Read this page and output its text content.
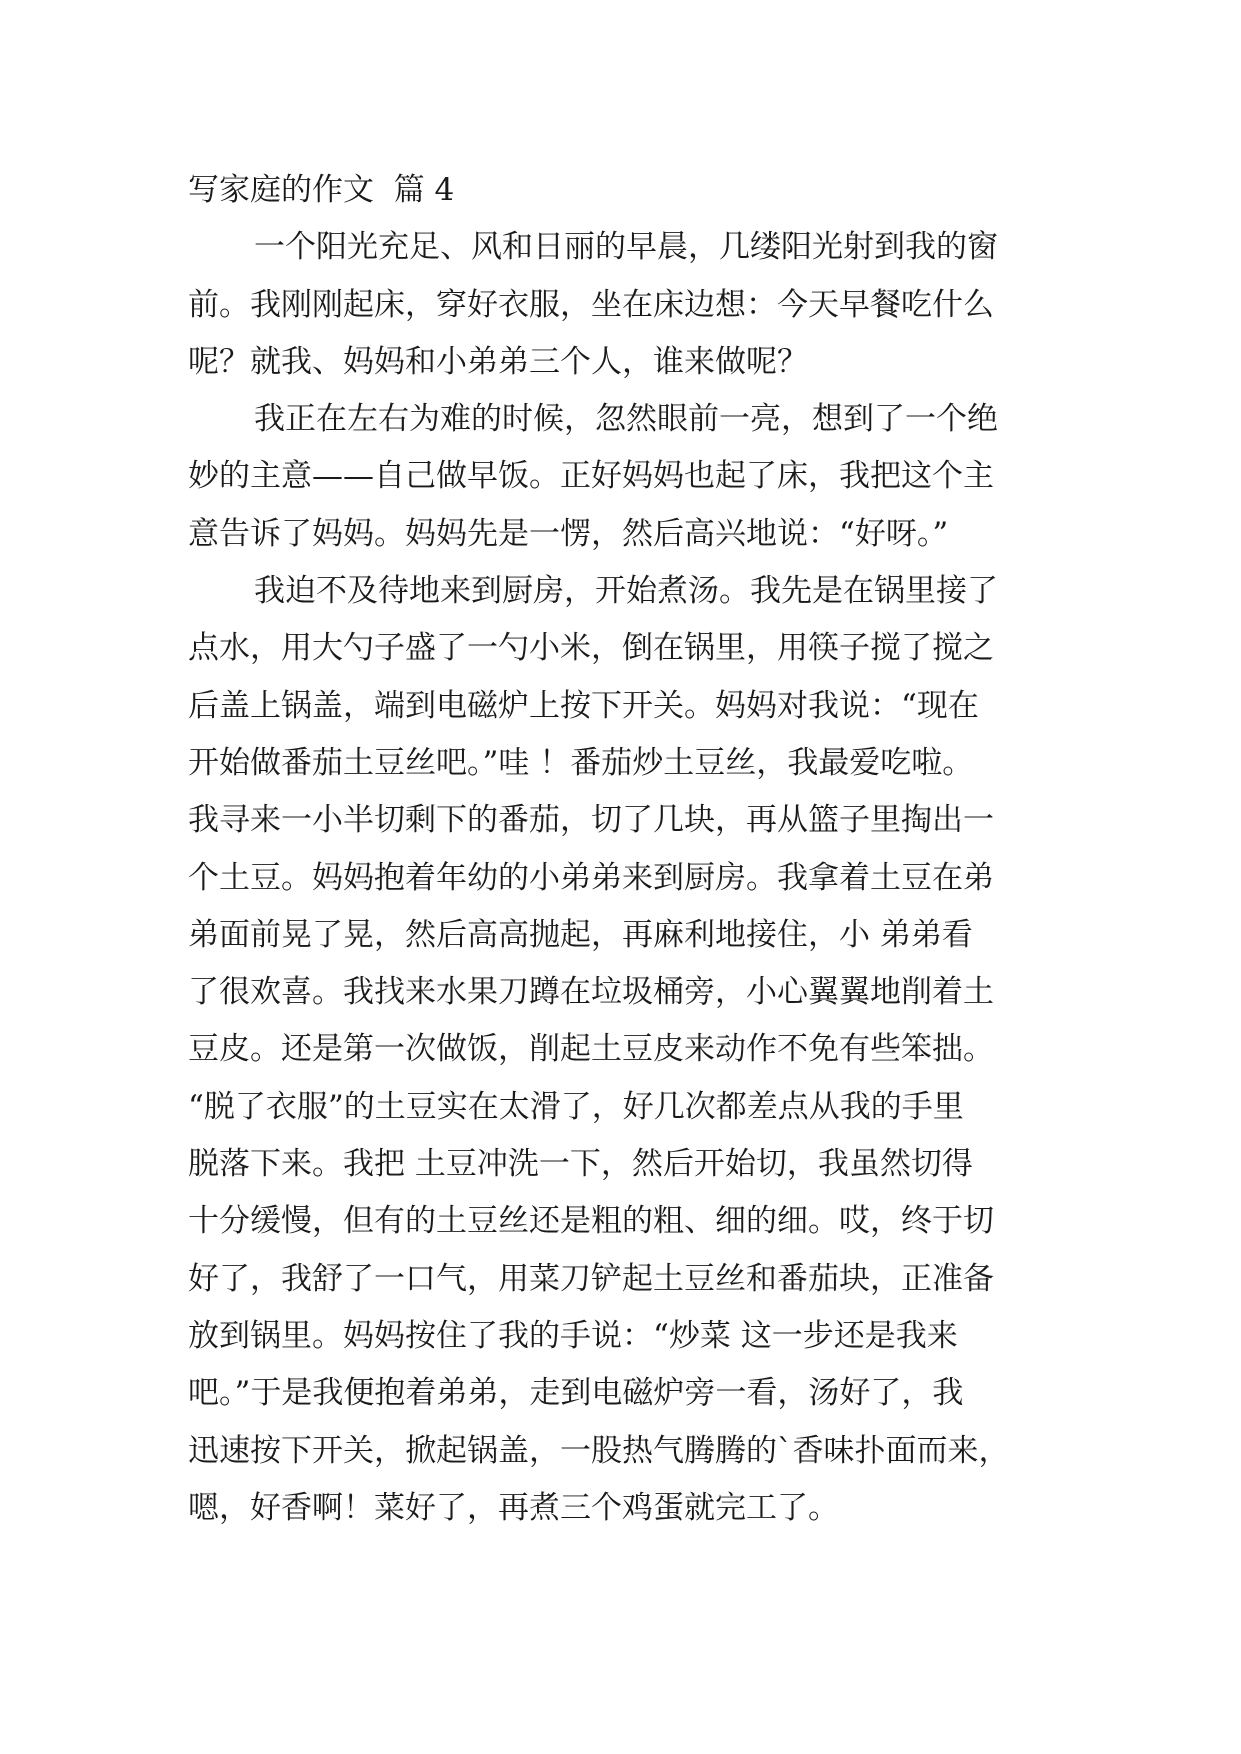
写家庭的作文  篇 4
一个阳光充足、风和日丽的早晨，几缕阳光射到我的窗
前。我刚刚起床，穿好衣服，坐在床边想：今天早餐吃什么
呢？就我、妈妈和小弟弟三个人，谁来做呢？
我正在左右为难的时候，忽然眼前一亮，想到了一个绝
妙的主意——自己做早饭。正好妈妈也起了床，我把这个主
意告诉了妈妈。妈妈先是一愣，然后高兴地说：“好呀。”
我迫不及待地来到厨房，开始煮汤。我先是在锅里接了
点水，用大勺子盛了一勺小米，倒在锅里，用筷子搅了搅之
后盖上锅盖，端到电磁炉上按下开关。妈妈对我说：“现在
开始做番茄土豆丝吧。”哇 ！番茄炒土豆丝，我最爱吃啦。
我寻来一小半切剩下的番茄，切了几块，再从篮子里掏出一
个土豆。妈妈抱着年幼的小弟弟来到厨房。我拿着土豆在弟
弟面前晃了晃，然后高高抛起，再麻利地接住，小 弟弟看
了很欢喜。我找来水果刀蹲在垃圾桶旁，小心翼翼地削着土
豆皮。还是第一次做饭，削起土豆皮来动作不免有些笨拙。
“脱了衣服”的土豆实在太滑了，好几次都差点从我的手里
脱落下来。我把 土豆冲洗一下，然后开始切，我虽然切得
十分缓慢，但有的土豆丝还是粗的粗、细的细。哎，终于切
好了，我舒了一口气，用菜刀铲起土豆丝和番茄块，正准备
放到锅里。妈妈按住了我的手说：“炒菜 这一步还是我来
吧。”于是我便抱着弟弟，走到电磁炉旁一看，汤好了，我
迅速按下开关，掀起锅盖，一股热气腾腾的`香味扑面而来，
嗯，好香啊！菜好了，再煮三个鸡蛋就完工了。
